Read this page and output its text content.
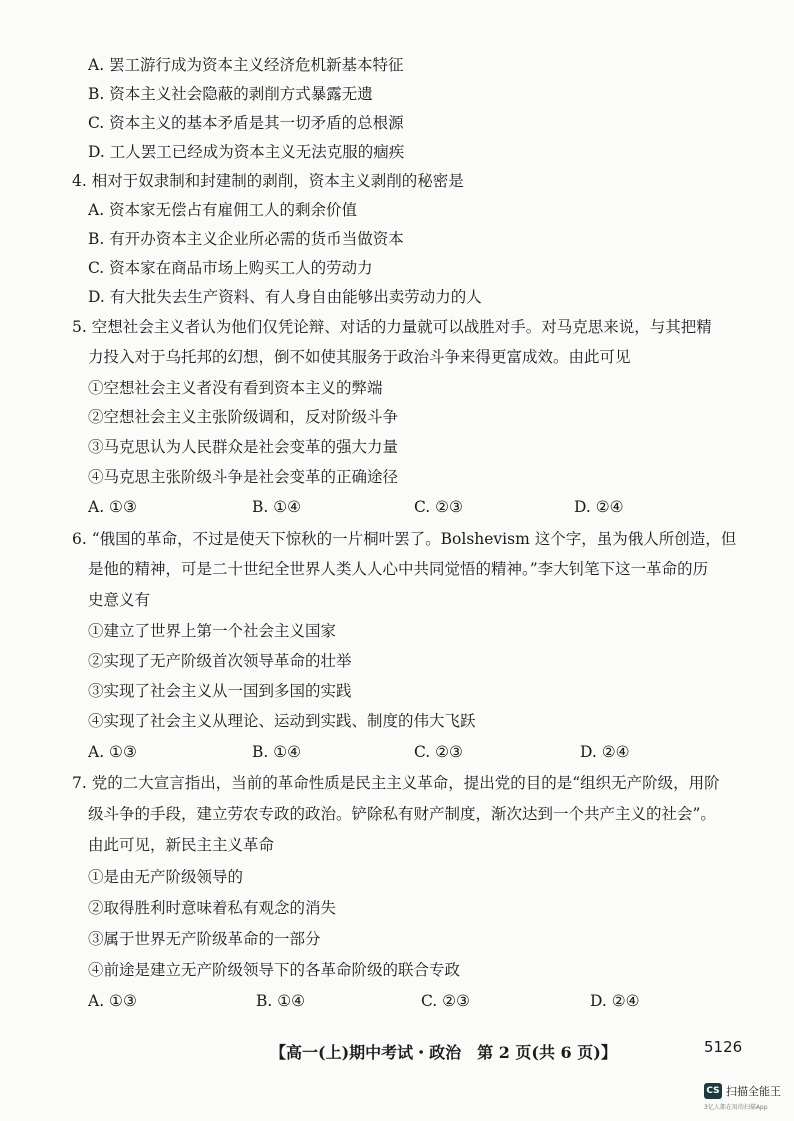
A. 罢工游行成为资本主义经济危机新基本特征
B. 资本主义社会隐蔽的剥削方式暴露无遗
C. 资本主义的基本矛盾是其一切矛盾的总根源
D. 工人罢工已经成为资本主义无法克服的痼疾
4. 相对于奴隶制和封建制的剥削，资本主义剥削的秘密是
A. 资本家无偿占有雇佣工人的剩余价值
B. 有开办资本主义企业所必需的货币当做资本
C. 资本家在商品市场上购买工人的劳动力
D. 有大批失去生产资料、有人身自由能够出卖劳动力的人
5. 空想社会主义者认为他们仅凭论辩、对话的力量就可以战胜对手。对马克思来说，与其把精
力投入对于乌托邦的幻想，倒不如使其服务于政治斗争来得更富成效。由此可见
①空想社会主义者没有看到资本主义的弊端
②空想社会主义主张阶级调和，反对阶级斗争
③马克思认为人民群众是社会变革的强大力量
④马克思主张阶级斗争是社会变革的正确途径
A. ①③	B. ①④	C. ②③	D. ②④
6. “俄国的革命，不过是使天下惊秋的一片桐叶罢了。Bolshevism 这个字，虽为俄人所创造，但
是他的精神，可是二十世纪全世界人类人人心中共同觉悟的精神。”李大钊笔下这一革命的历
史意义有
①建立了世界上第一个社会主义国家
②实现了无产阶级首次领导革命的壮举
③实现了社会主义从一国到多国的实践
④实现了社会主义从理论、运动到实践、制度的伟大飞跃
A. ①③	B. ①④	C. ②③	D. ②④
7. 党的二大宣言指出，当前的革命性质是民主主义革命，提出党的目的是“组织无产阶级，用阶
级斗争的手段，建立劳农专政的政治。铲除私有财产制度，渐次达到一个共产主义的社会”。
由此可见，新民主主义革命
①是由无产阶级领导的
②取得胜利时意味着私有观念的消失
③属于世界无产阶级革命的一部分
④前途是建立无产阶级领导下的各革命阶级的联合专政
A. ①③	B. ①④	C. ②③	D. ②④
【高一(上)期中考试・政治　第 2 页(共 6 页)】	5126
CS 扫描全能王
3亿人都在用的扫描App
